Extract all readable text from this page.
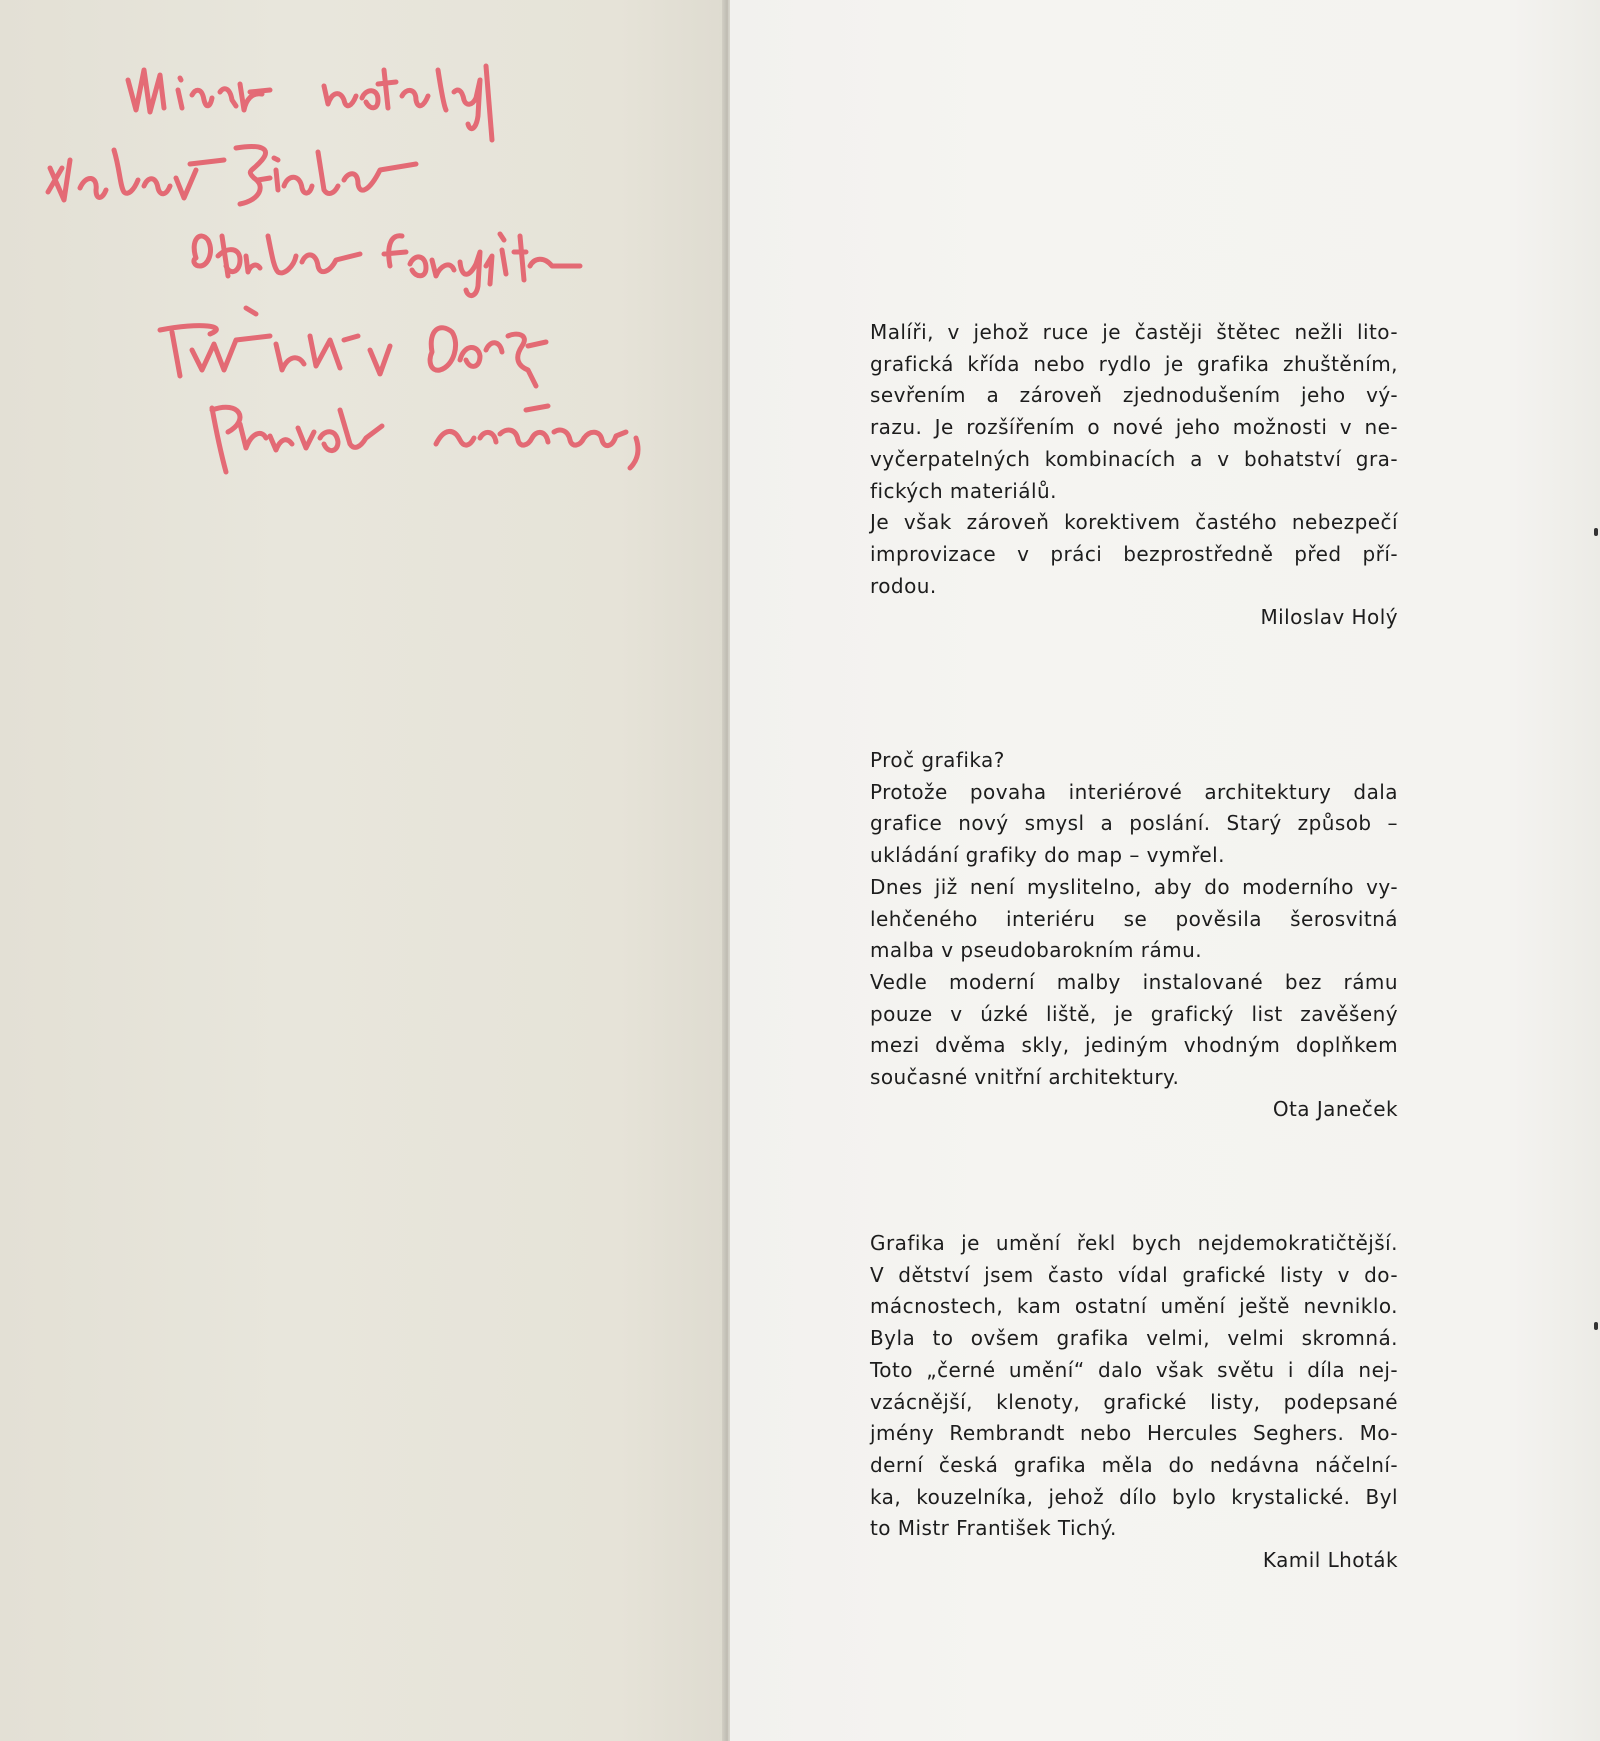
Malíři, v jehož ruce je častěji štětec nežli lito-
grafická křída nebo rydlo je grafika zhuštěním,
sevřením a zároveň zjednodušením jeho vý-
razu. Je rozšířením o nové jeho možnosti v ne-
vyčerpatelných kombinacích a v bohatství gra-
fických materiálů.
Je však zároveň korektivem častého nebezpečí
improvizace v práci bezprostředně před pří-
rodou.
Miloslav Holý
Proč grafika?
Protože povaha interiérové architektury dala
grafice nový smysl a poslání. Starý způsob –
ukládání grafiky do map – vymřel.
Dnes již není myslitelno, aby do moderního vy-
lehčeného interiéru se pověsila šerosvitná
malba v pseudobarokním rámu.
Vedle moderní malby instalované bez rámu
pouze v úzké liště, je grafický list zavěšený
mezi dvěma skly, jediným vhodným doplňkem
současné vnitřní architektury.
Ota Janeček
Grafika je umění řekl bych nejdemokratičtější.
V dětství jsem často vídal grafické listy v do-
mácnostech, kam ostatní umění ještě nevniklo.
Byla to ovšem grafika velmi, velmi skromná.
Toto „černé umění“ dalo však světu i díla nej-
vzácnější, klenoty, grafické listy, podepsané
jmény Rembrandt nebo Hercules Seghers. Mo-
derní česká grafika měla do nedávna náčelní-
ka, kouzelníka, jehož dílo bylo krystalické. Byl
to Mistr František Tichý.
Kamil Lhoták
